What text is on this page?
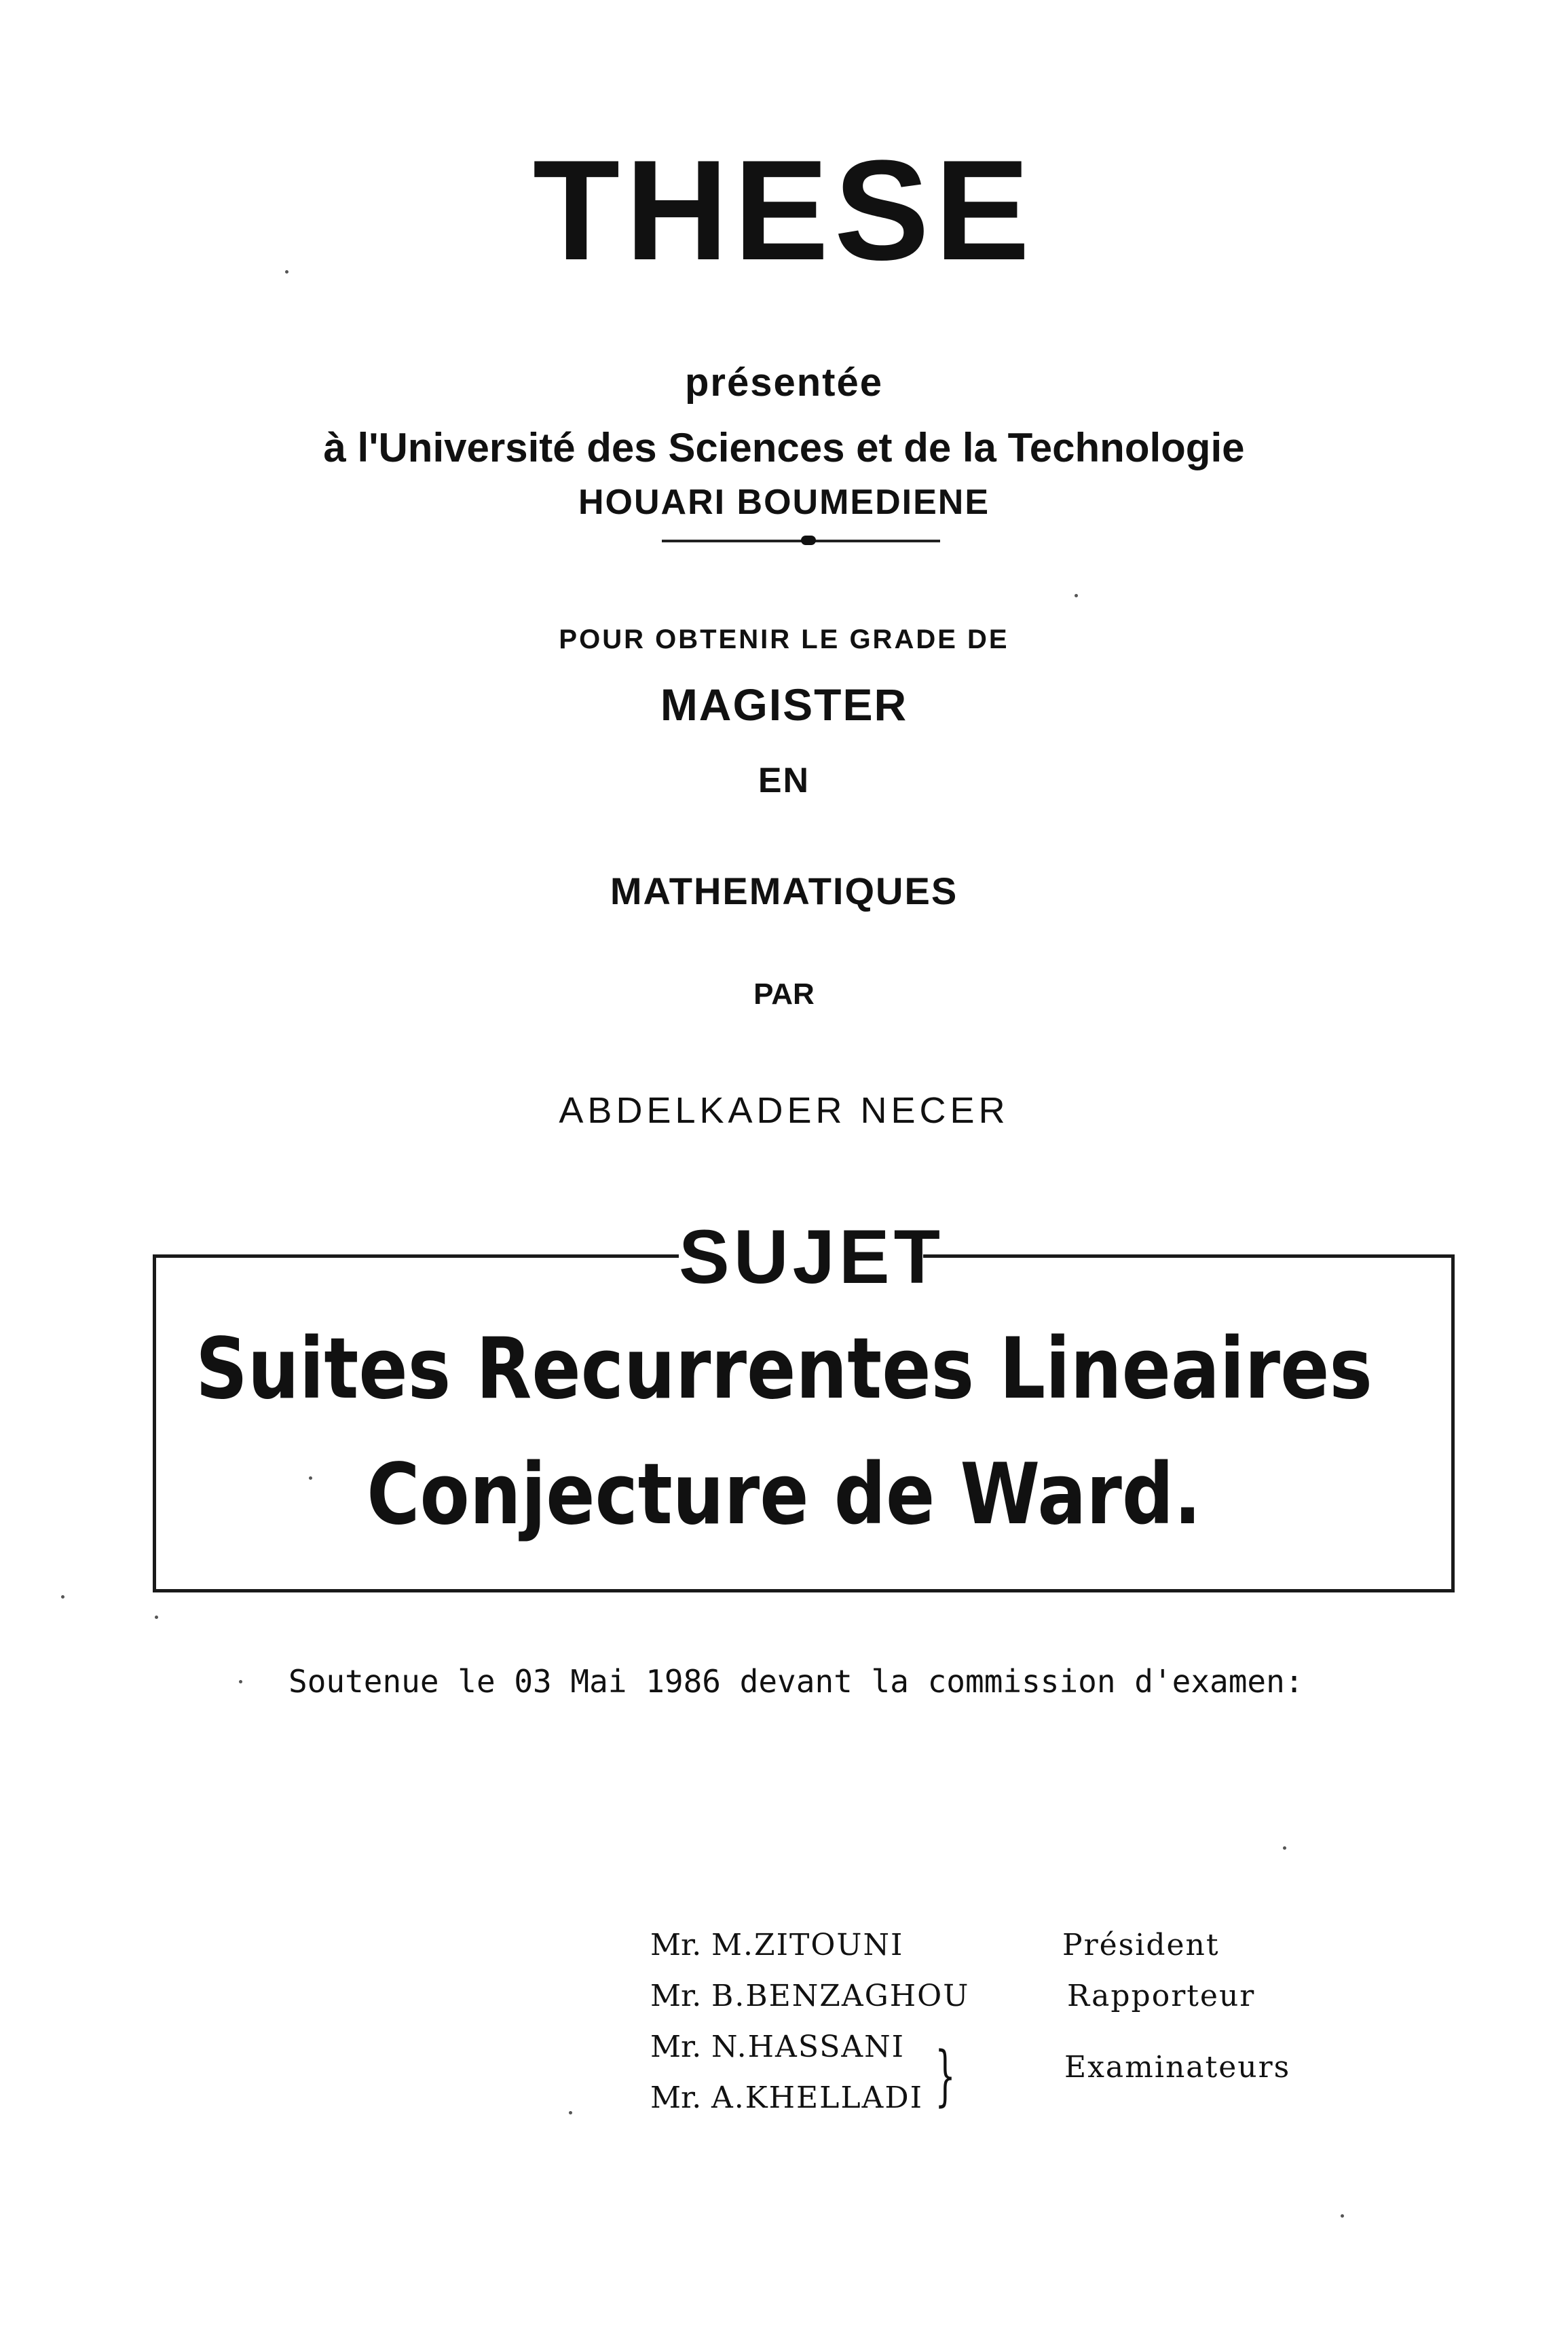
THESE
présentée
à l'Université des Sciences et de la Technologie
HOUARI BOUMEDIENE
POUR OBTENIR LE GRADE DE
MAGISTER
EN
MATHEMATIQUES
PAR
ABDELKADER NECER
SUJET
Suites Recurrentes Lineaires
Conjecture de Ward.
Soutenue le 03 Mai 1986 devant la commission d'examen:
Mr. M.ZITOUNI
Mr. B.BENZAGHOU
Mr. N.HASSANI
Mr. A.KHELLADI
Président
Rapporteur
}	Examinateurs
